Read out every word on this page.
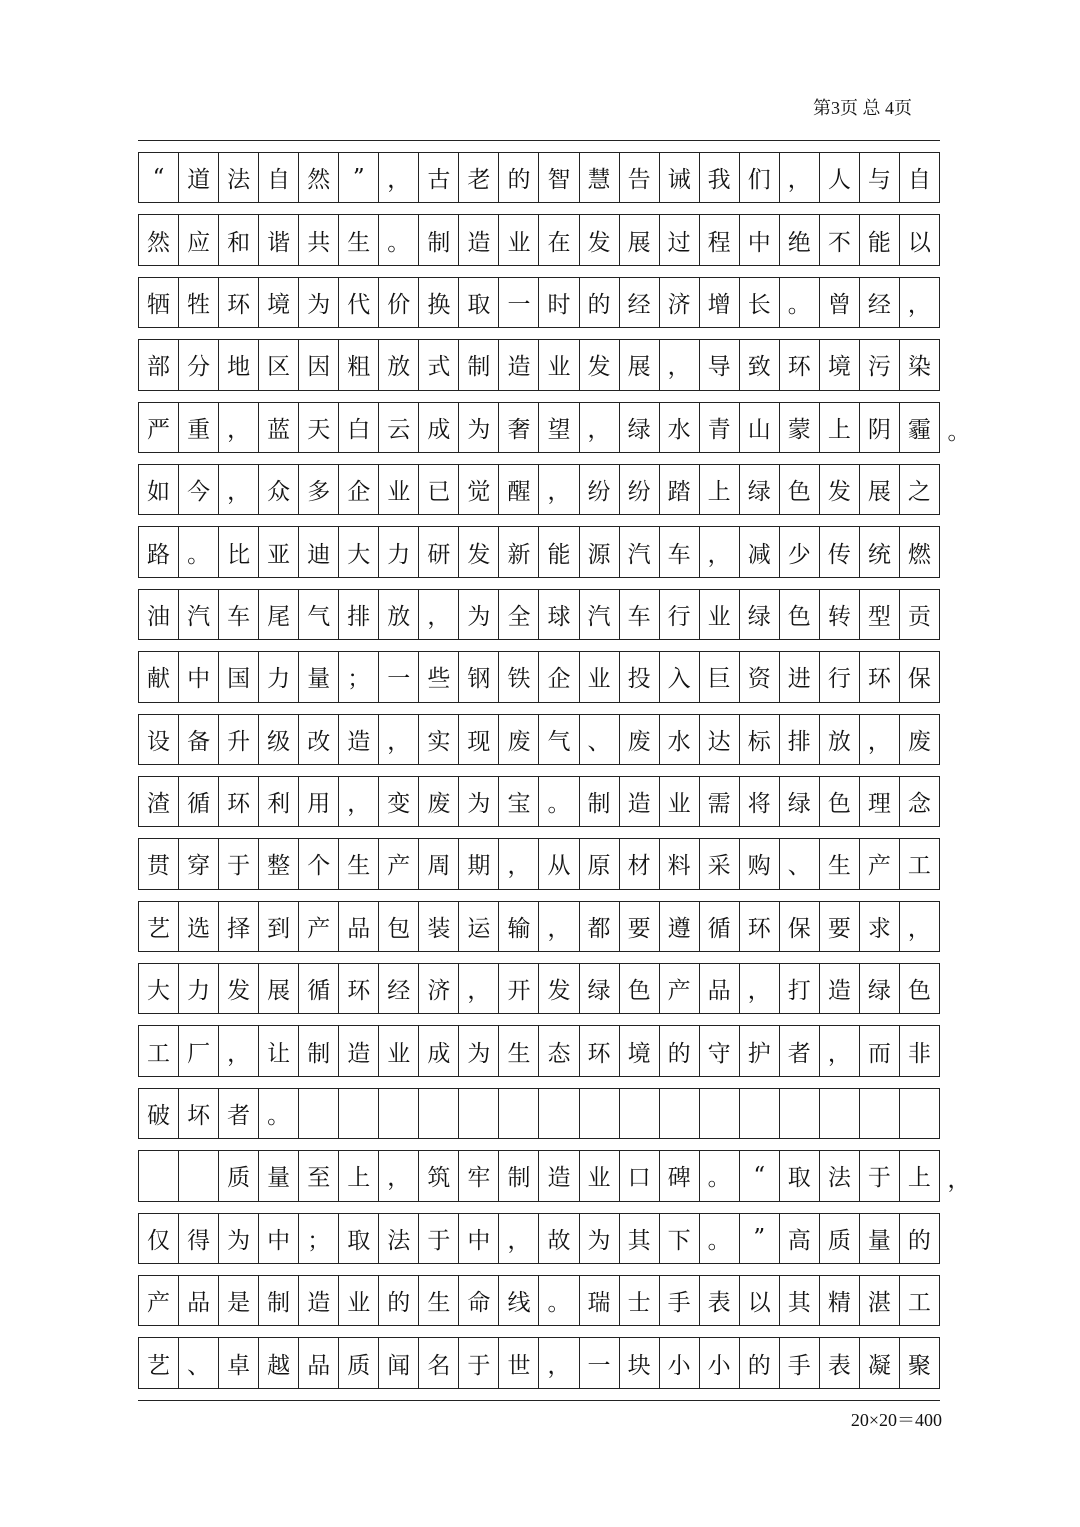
第3页 总 4页
“ 道 法 自 然 ” ， 古 老 的 智 慧 告 诫 我 们 ， 人 与 自
然 应 和 谐 共 生 。 制 造 业 在 发 展 过 程 中 绝 不 能 以
牺 牲 环 境 为 代 价 换 取 一 时 的 经 济 增 长 。 曾 经 ，
部 分 地 区 因 粗 放 式 制 造 业 发 展 ， 导 致 环 境 污 染
严 重 ， 蓝 天 白 云 成 为 奢 望 ， 绿 水 青 山 蒙 上 阴 霾
如 今 ， 众 多 企 业 已 觉 醒 ， 纷 纷 踏 上 绿 色 发 展 之
路 。 比 亚 迪 大 力 研 发 新 能 源 汽 车 ， 减 少 传 统 燃
油 汽 车 尾 气 排 放 ， 为 全 球 汽 车 行 业 绿 色 转 型 贡
献 中 国 力 量 ； 一 些 钢 铁 企 业 投 入 巨 资 进 行 环 保
设 备 升 级 改 造 ， 实 现 废 气 、 废 水 达 标 排 放 ， 废
渣 循 环 利 用 ， 变 废 为 宝 。 制 造 业 需 将 绿 色 理 念
贯 穿 于 整 个 生 产 周 期 ， 从 原 材 料 采 购 、 生 产 工
艺 选 择 到 产 品 包 装 运 输 ， 都 要 遵 循 环 保 要 求 ，
大 力 发 展 循 环 经 济 ， 开 发 绿 色 产 品 ， 打 造 绿 色
工 厂 ， 让 制 造 业 成 为 生 态 环 境 的 守 护 者 ， 而 非
破 坏 者 。
质 量 至 上 ， 筑 牢 制 造 业 口 碑 。 “ 取 法 于 上
仅 得 为 中 ； 取 法 于 中 ， 故 为 其 下 。 ” 高 质 量 的
产 品 是 制 造 业 的 生 命 线 。 瑞 士 手 表 以 其 精 湛 工
艺 、 卓 越 品 质 闻 名 于 世 ， 一 块 小 小 的 手 表 凝 聚
。
，
20×20＝400
